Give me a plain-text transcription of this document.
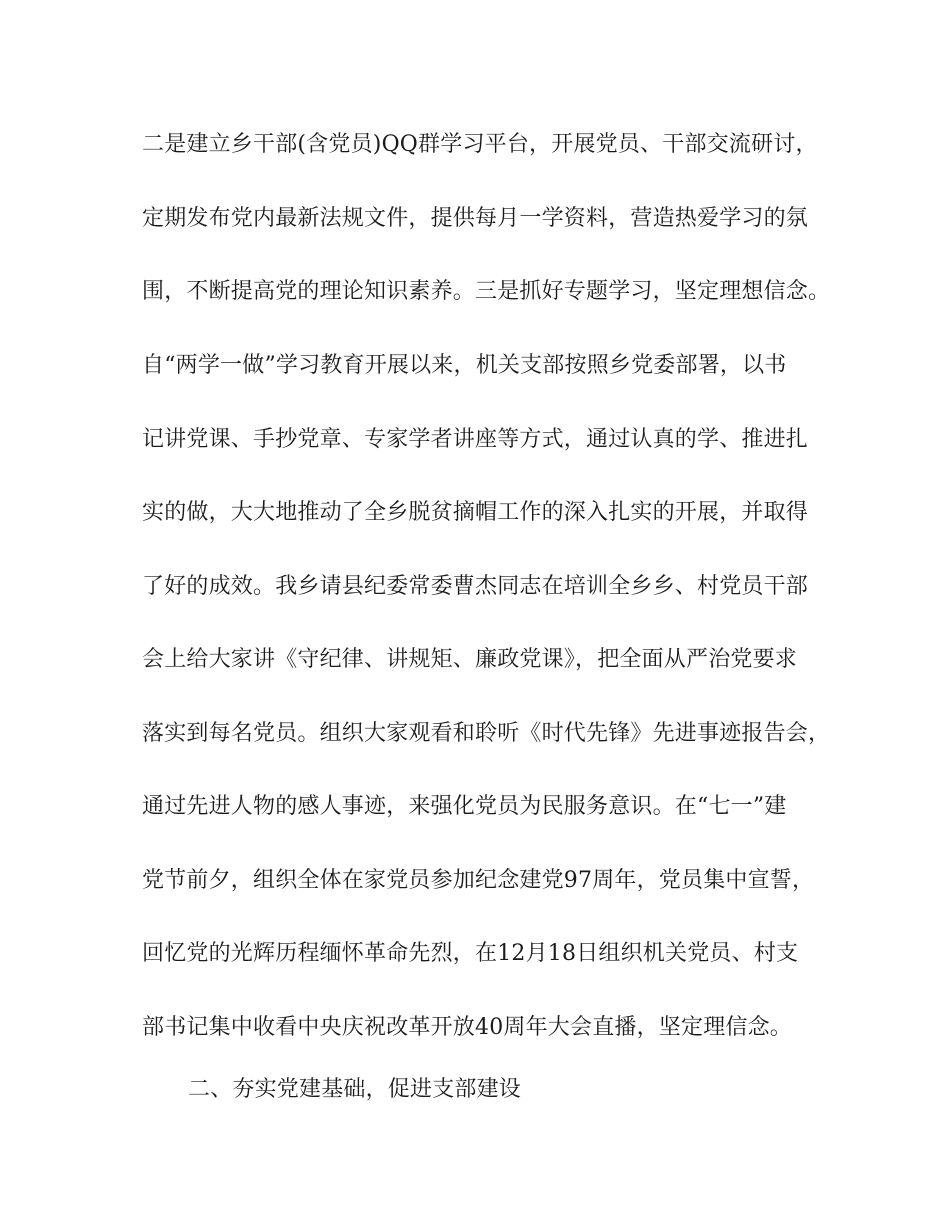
二是建立乡干部(含党员)QQ群学习平台，开展党员、干部交流研讨，
定期发布党内最新法规文件，提供每月一学资料，营造热爱学习的氛
围，不断提高党的理论知识素养。三是抓好专题学习，坚定理想信念。
自“两学一做”学习教育开展以来，机关支部按照乡党委部署，以书
记讲党课、手抄党章、专家学者讲座等方式，通过认真的学、推进扎
实的做，大大地推动了全乡脱贫摘帽工作的深入扎实的开展，并取得
了好的成效。我乡请县纪委常委曹杰同志在培训全乡乡、村党员干部
会上给大家讲《守纪律、讲规矩、廉政党课》，把全面从严治党要求
落实到每名党员。组织大家观看和聆听《时代先锋》先进事迹报告会，
通过先进人物的感人事迹，来强化党员为民服务意识。在“七一”建
党节前夕，组织全体在家党员参加纪念建党97周年，党员集中宣誓，
回忆党的光辉历程缅怀革命先烈，在12月18日组织机关党员、村支
部书记集中收看中央庆祝改革开放40周年大会直播，坚定理信念。
二、夯实党建基础，促进支部建设
